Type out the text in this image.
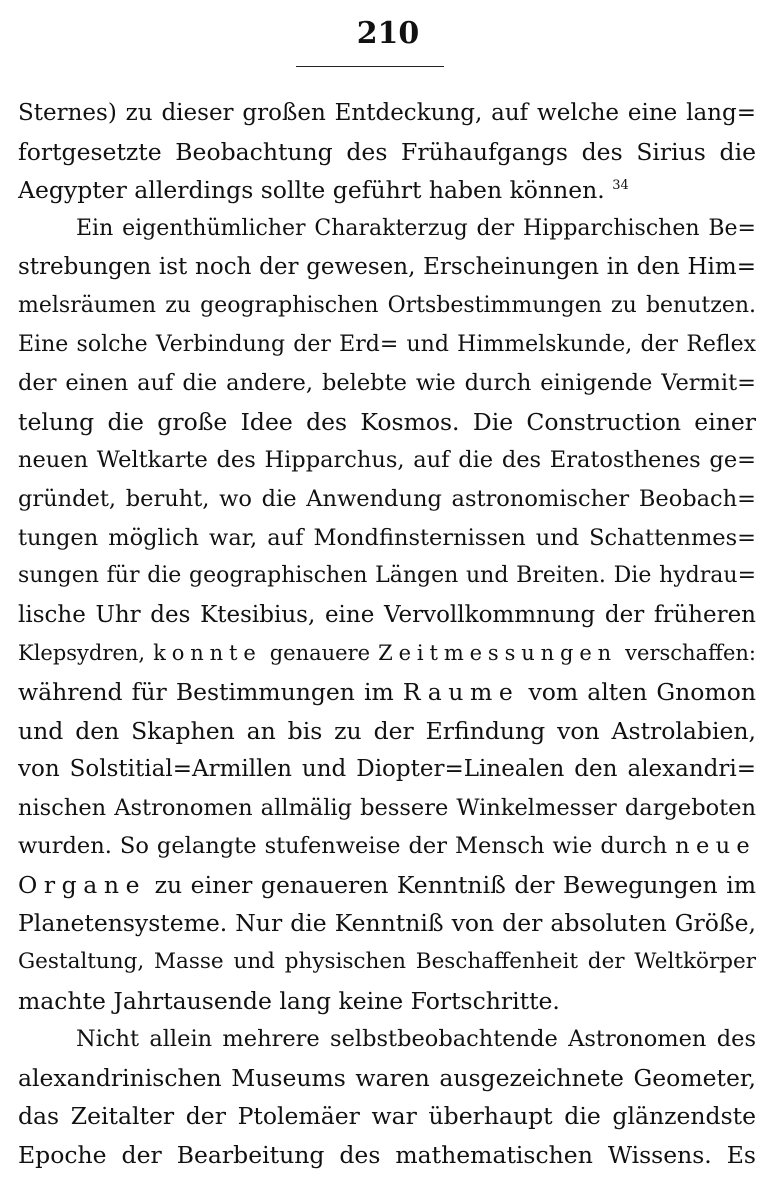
210
Sternes) zu dieser großen Entdeckung, auf welche eine lang=
fortgesetzte Beobachtung des Frühaufgangs des Sirius die
Aegypter allerdings sollte geführt haben können. $^{34}$
Ein eigenthümlicher Charakterzug der Hipparchischen Be=
strebungen ist noch der gewesen, Erscheinungen in den Him=
melsräumen zu geographischen Ortsbestimmungen zu benutzen.
Eine solche Verbindung der Erd= und Himmelskunde, der Reflex
der einen auf die andere, belebte wie durch einigende Vermit=
telung die große Idee des Kosmos. Die Construction einer
neuen Weltkarte des Hipparchus, auf die des Eratosthenes ge=
gründet, beruht, wo die Anwendung astronomischer Beobach=
tungen möglich war, auf Mondfinsternissen und Schattenmes=
sungen für die geographischen Längen und Breiten. Die hydrau=
lische Uhr des Ktesibius, eine Vervollkommnung der früheren
Klepsydren, konnte genauere Zeitmessungen verschaffen:
während für Bestimmungen im Raume vom alten Gnomon
und den Skaphen an bis zu der Erfindung von Astrolabien,
von Solstitial=Armillen und Diopter=Linealen den alexandri=
nischen Astronomen allmälig bessere Winkelmesser dargeboten
wurden. So gelangte stufenweise der Mensch wie durch neue
Organe zu einer genaueren Kenntniß der Bewegungen im
Planetensysteme. Nur die Kenntniß von der absoluten Größe,
Gestaltung, Masse und physischen Beschaffenheit der Weltkörper
machte Jahrtausende lang keine Fortschritte.
Nicht allein mehrere selbstbeobachtende Astronomen des
alexandrinischen Museums waren ausgezeichnete Geometer,
das Zeitalter der Ptolemäer war überhaupt die glänzendste
Epoche der Bearbeitung des mathematischen Wissens. Es
